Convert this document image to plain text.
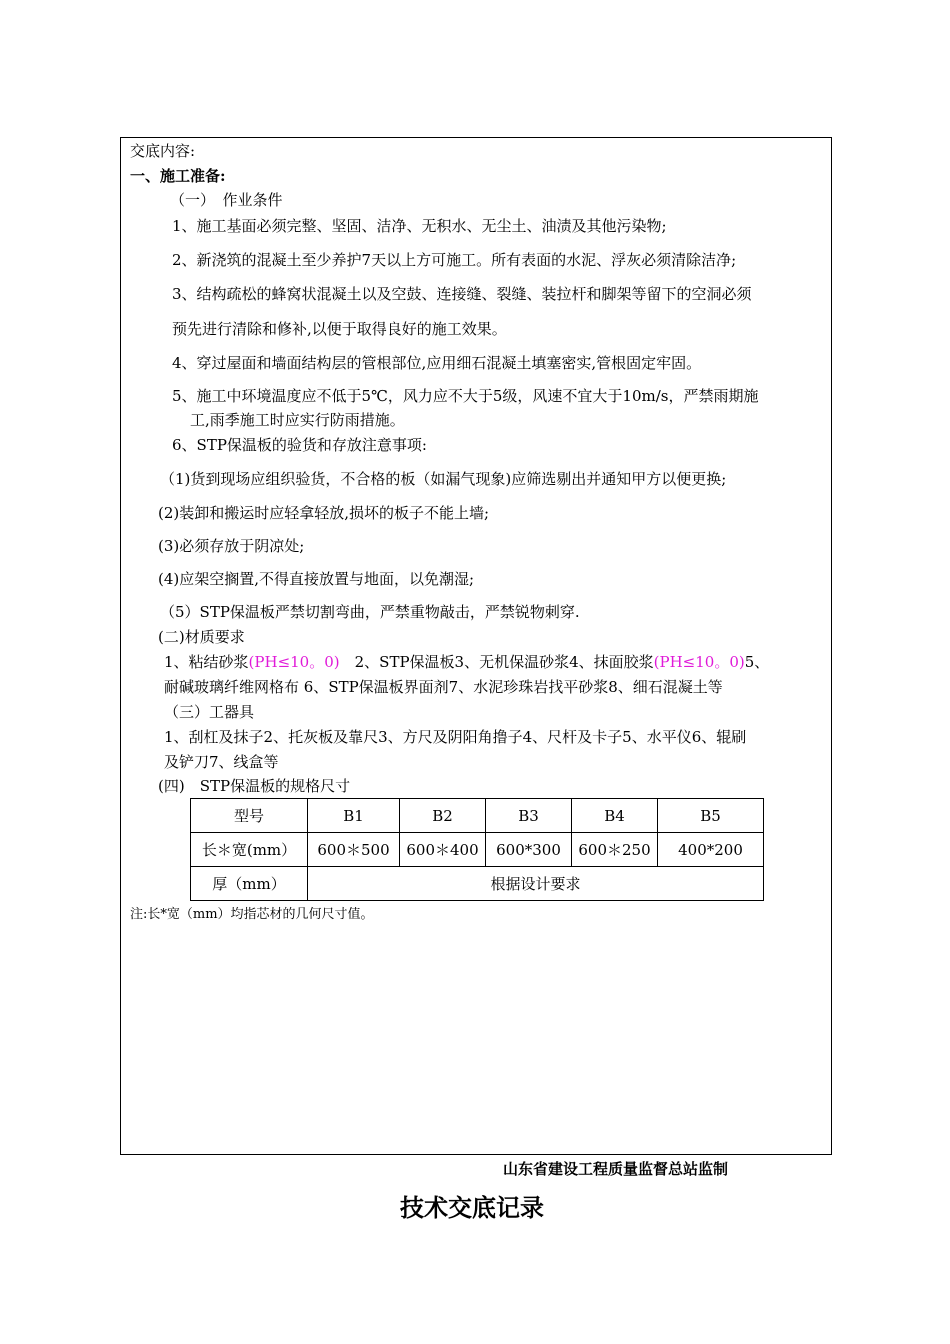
交底内容:
一、施工准备:
（一）　作业条件
1、施工基面必须完整、坚固、洁净、无积水、无尘土、油渍及其他污染物;
2、新浇筑的混凝土至少养护7天以上方可施工。所有表面的水泥、浮灰必须清除洁净;
3、结构疏松的蜂窝状混凝土以及空鼓、连接缝、裂缝、装拉杆和脚架等留下的空洞必须
预先进行清除和修补,以便于取得良好的施工效果。
4、穿过屋面和墙面结构层的管根部位,应用细石混凝土填塞密实,管根固定牢固。
5、施工中环境温度应不低于5℃，风力应不大于5级，风速不宜大于10m/s，严禁雨期施
工,雨季施工时应实行防雨措施。
6、STP保温板的验货和存放注意事项:
（1)货到现场应组织验货，不合格的板（如漏气现象)应筛选剔出并通知甲方以便更换;
(2)装卸和搬运时应轻拿轻放,损坏的板子不能上墙;
(3)必须存放于阴凉处;
(4)应架空搁置,不得直接放置与地面，以免潮湿;
（5）STP保温板严禁切割弯曲，严禁重物敲击，严禁锐物刺穿.
(二)材质要求
1、粘结砂浆(PH≤10。0)　2、STP保温板3、无机保温砂浆4、抹面胶浆(PH≤10。0)5、
耐碱玻璃纤维网格布 6、STP保温板界面剂7、水泥珍珠岩找平砂浆8、细石混凝土等
（三）工器具
1、刮杠及抹子2、托灰板及靠尺3、方尺及阴阳角撸子4、尺杆及卡子5、水平仪6、辊刷
及铲刀7、线盒等
(四)　STP保温板的规格尺寸
型号	B1	B2	B3	B4	B5
长＊宽(mm）	600＊500	600＊400	600*300	600＊250	400*200
厚（mm）	根据设计要求				
注:长*宽（mm）均指芯材的几何尺寸值。
山东省建设工程质量监督总站监制
技术交底记录
